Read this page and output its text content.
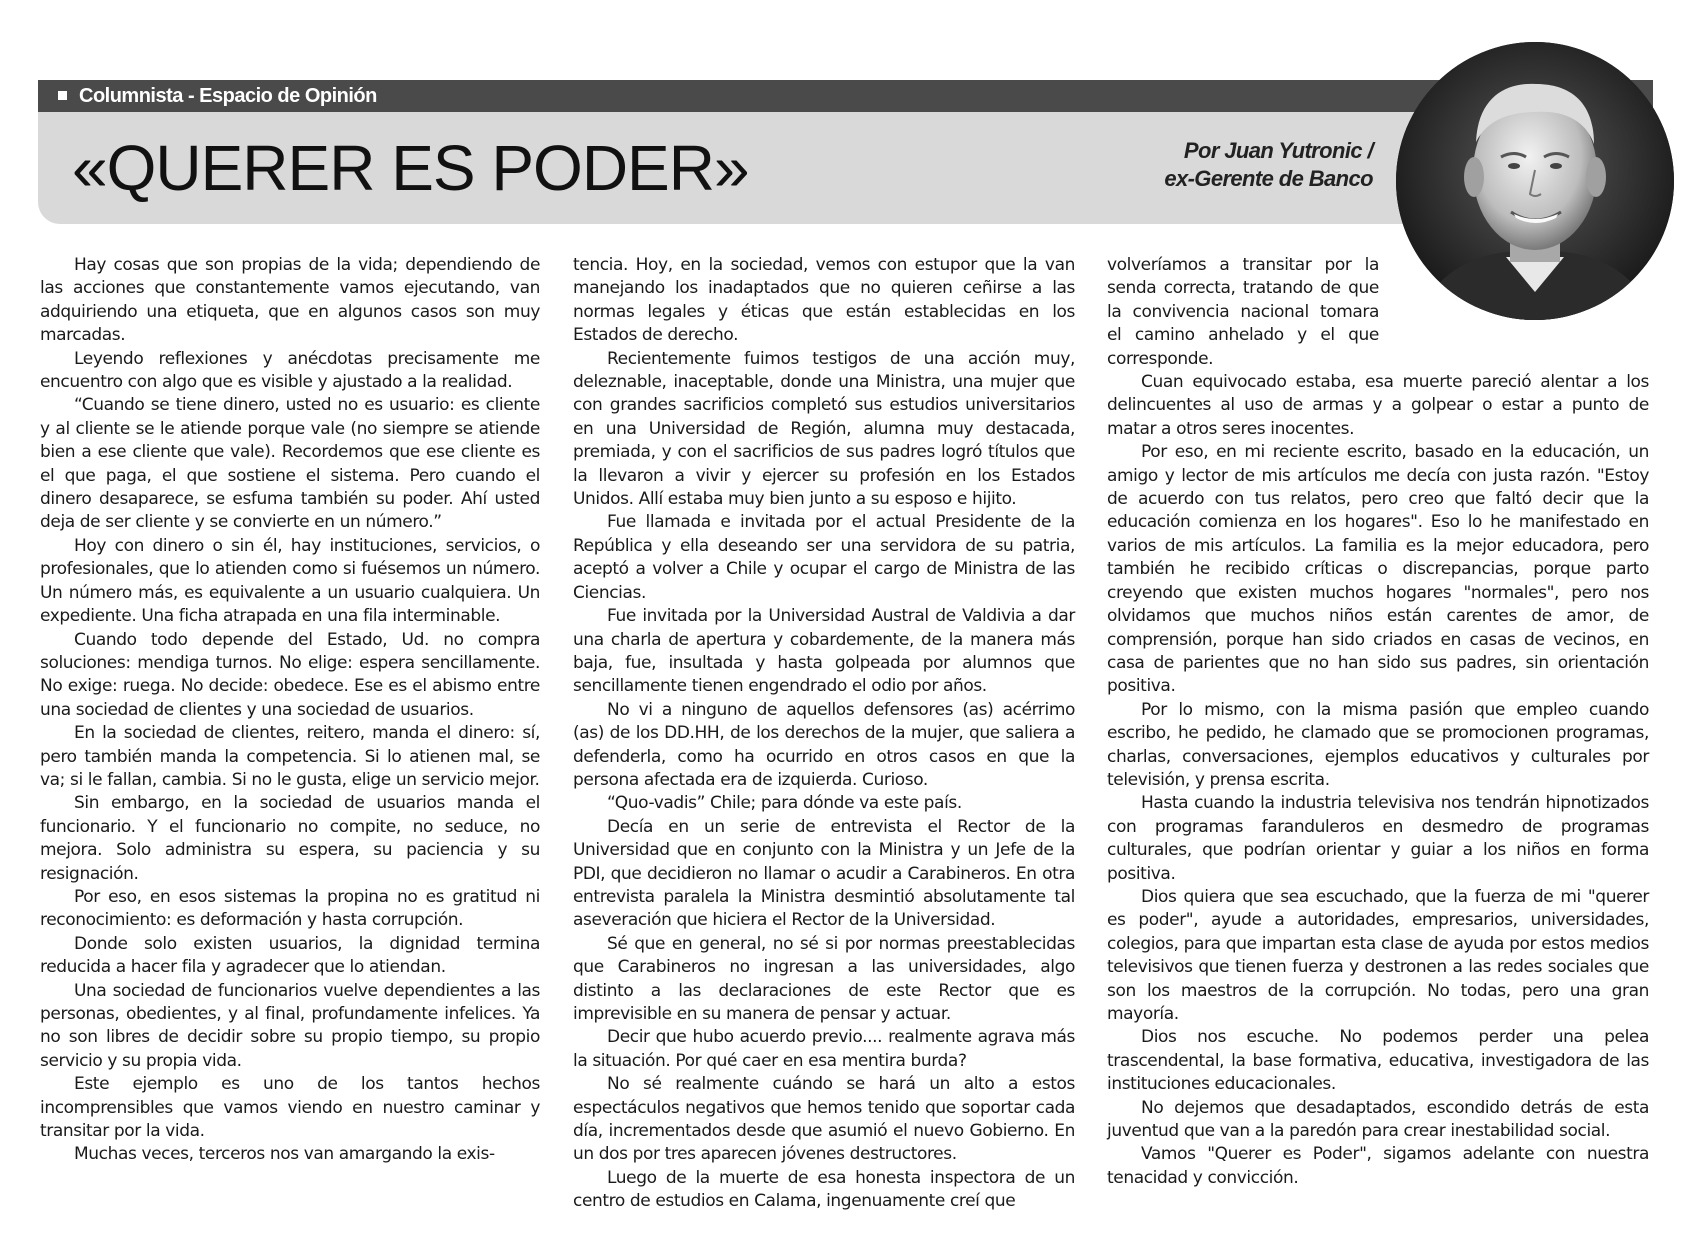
Columnista - Espacio de Opinión
«QUERER ES PODER»	Por Juan Yutronic /
ex-Gerente de Banco

Hay cosas que son propias de la vida; dependiendo de las acciones que constantemente vamos ejecutando, van adquiriendo una etiqueta, que en algunos casos son muy marcadas.

Leyendo reflexiones y anécdotas precisamente me encuentro con algo que es visible y ajustado a la realidad.

“Cuando se tiene dinero, usted no es usuario: es cliente y al cliente se le atiende porque vale (no siempre se atiende bien a ese cliente que vale). Recordemos que ese cliente es el que paga, el que sostiene el sistema. Pero cuando el dinero desaparece, se esfuma también su poder. Ahí usted deja de ser cliente y se convierte en un número.”

Hoy con dinero o sin él, hay instituciones, servicios, o profesionales, que lo atienden como si fuésemos un número. Un número más, es equivalente a un usuario cualquiera. Un expediente. Una ficha atrapada en una fila interminable.

Cuando todo depende del Estado, Ud. no compra soluciones: mendiga turnos. No elige: espera sencillamente. No exige: ruega. No decide: obedece. Ese es el abismo entre una sociedad de clientes y una sociedad de usuarios.

En la sociedad de clientes, reitero, manda el dinero: sí, pero también manda la competencia. Si lo atienen mal, se va; si le fallan, cambia. Si no le gusta, elige un servicio mejor.

Sin embargo, en la sociedad de usuarios manda el funcionario. Y el funcionario no compite, no seduce, no mejora. Solo administra su espera, su paciencia y su resignación.

Por eso, en esos sistemas la propina no es gratitud ni reconocimiento: es deformación y hasta corrupción.

Donde solo existen usuarios, la dignidad termina reducida a hacer fila y agradecer que lo atiendan.

Una sociedad de funcionarios vuelve dependientes a las personas, obedientes, y al final, profundamente infelices. Ya no son libres de decidir sobre su propio tiempo, su propio servicio y su propia vida.

Este ejemplo es uno de los tantos hechos incomprensibles que vamos viendo en nuestro caminar y transitar por la vida.

Muchas veces, terceros nos van amargando la exis-

tencia. Hoy, en la sociedad, vemos con estupor que la van manejando los inadaptados que no quieren ceñirse a las normas legales y éticas que están establecidas en los Estados de derecho.

Recientemente fuimos testigos de una acción muy, deleznable, inaceptable, donde una Ministra, una mujer que con grandes sacrificios completó sus estudios universitarios en una Universidad de Región, alumna muy destacada, premiada, y con el sacrificios de sus padres logró títulos que la llevaron a vivir y ejercer su profesión en los Estados Unidos. Allí estaba muy bien junto a su esposo e hijito.

Fue llamada e invitada por el actual Presidente de la República y ella deseando ser una servidora de su patria, aceptó a volver a Chile y ocupar el cargo de Ministra de las Ciencias.

Fue invitada por la Universidad Austral de Valdivia a dar una charla de apertura y cobardemente, de la manera más baja, fue, insultada y hasta golpeada por alumnos que sencillamente tienen engendrado el odio por años.

No vi a ninguno de aquellos defensores (as) acérrimo (as) de los DD.HH, de los derechos de la mujer, que saliera a defenderla, como ha ocurrido en otros casos en que la persona afectada era de izquierda. Curioso.

“Quo-vadis” Chile; para dónde va este país.

Decía en un serie de entrevista el Rector de la Universidad que en conjunto con la Ministra y un Jefe de la PDI, que decidieron no llamar o acudir a Carabineros. En otra entrevista paralela la Ministra desmintió absolutamente tal aseveración que hiciera el Rector de la Universidad.

Sé que en general, no sé si por normas preestablecidas que Carabineros no ingresan a las universidades, algo distinto a las declaraciones de este Rector que es imprevisible en su manera de pensar y actuar.

Decir que hubo acuerdo previo.... realmente agrava más la situación. Por qué caer en esa mentira burda?

No sé realmente cuándo se hará un alto a estos espectáculos negativos que hemos tenido que soportar cada día, incrementados desde que asumió el nuevo Gobierno. En un dos por tres aparecen jóvenes destructores.

Luego de la muerte de esa honesta inspectora de un centro de estudios en Calama, ingenuamente creí que

volveríamos a transitar por la senda correcta, tratando de que la convivencia nacional tomara el camino anhelado y el que corresponde.

Cuan equivocado estaba, esa muerte pareció alentar a los delincuentes al uso de armas y a golpear o estar a punto de matar a otros seres inocentes.

Por eso, en mi reciente escrito, basado en la educación, un amigo y lector de mis artículos me decía con justa razón. "Estoy de acuerdo con tus relatos, pero creo que faltó decir que la educación comienza en los hogares". Eso lo he manifestado en varios de mis artículos. La familia es la mejor educadora, pero también he recibido críticas o discrepancias, porque parto creyendo que existen muchos hogares "normales", pero nos olvidamos que muchos niños están carentes de amor, de comprensión, porque han sido criados en casas de vecinos, en casa de parientes que no han sido sus padres, sin orientación positiva.

Por lo mismo, con la misma pasión que empleo cuando escribo, he pedido, he clamado que se promocionen programas, charlas, conversaciones, ejemplos educativos y culturales por televisión, y prensa escrita.

Hasta cuando la industria televisiva nos tendrán hipnotizados con programas faranduleros en desmedro de programas culturales, que podrían orientar y guiar a los niños en forma positiva.

Dios quiera que sea escuchado, que la fuerza de mi "querer es poder", ayude a autoridades, empresarios, universidades, colegios, para que impartan esta clase de ayuda por estos medios televisivos que tienen fuerza y destronen a las redes sociales que son los maestros de la corrupción. No todas, pero una gran mayoría.

Dios nos escuche. No podemos perder una pelea trascendental, la base formativa, educativa, investigadora de las instituciones educacionales.

No dejemos que desadaptados, escondido detrás de esta juventud que van a la paredón para crear inestabilidad social.

Vamos "Querer es Poder", sigamos adelante con nuestra tenacidad y convicción.
